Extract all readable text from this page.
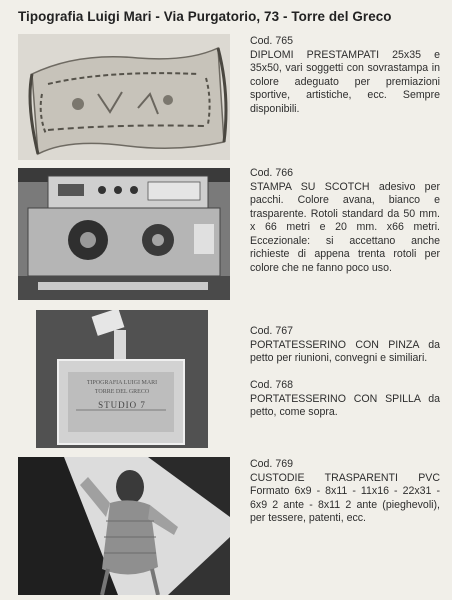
Tipografia Luigi Mari - Via Purgatorio, 73 - Torre del Greco
TIPOGRAFIA LUIGI MARI
TORRE DEL GRECO
STUDIO 7
Cod. 765
DIPLOMI PRESTAMPATI 25x35 e 35x50, vari soggetti con sovrastampa in colore adeguato per premiazioni sportive, artistiche, ecc. Sempre disponibili.
Cod. 766
STAMPA SU SCOTCH adesivo per pacchi. Colore avana, bianco e trasparente. Rotoli standard da 50 mm. x 66 metri e 20 mm. x66 metri. Eccezionale: si accettano anche richieste di appena trenta rotoli per colore che ne fanno poco uso.
Cod. 767
PORTATESSERINO CON PINZA da petto per riunioni, convegni e similiari.
Cod. 768
PORTATESSERINO CON SPILLA da petto, come sopra.
Cod. 769
CUSTODIE TRASPARENTI PVC Formato 6x9 - 8x11 - 11x16 - 22x31 - 6x9 2 ante - 8x11 2 ante (pieghevoli), per tessere, patenti, ecc.
